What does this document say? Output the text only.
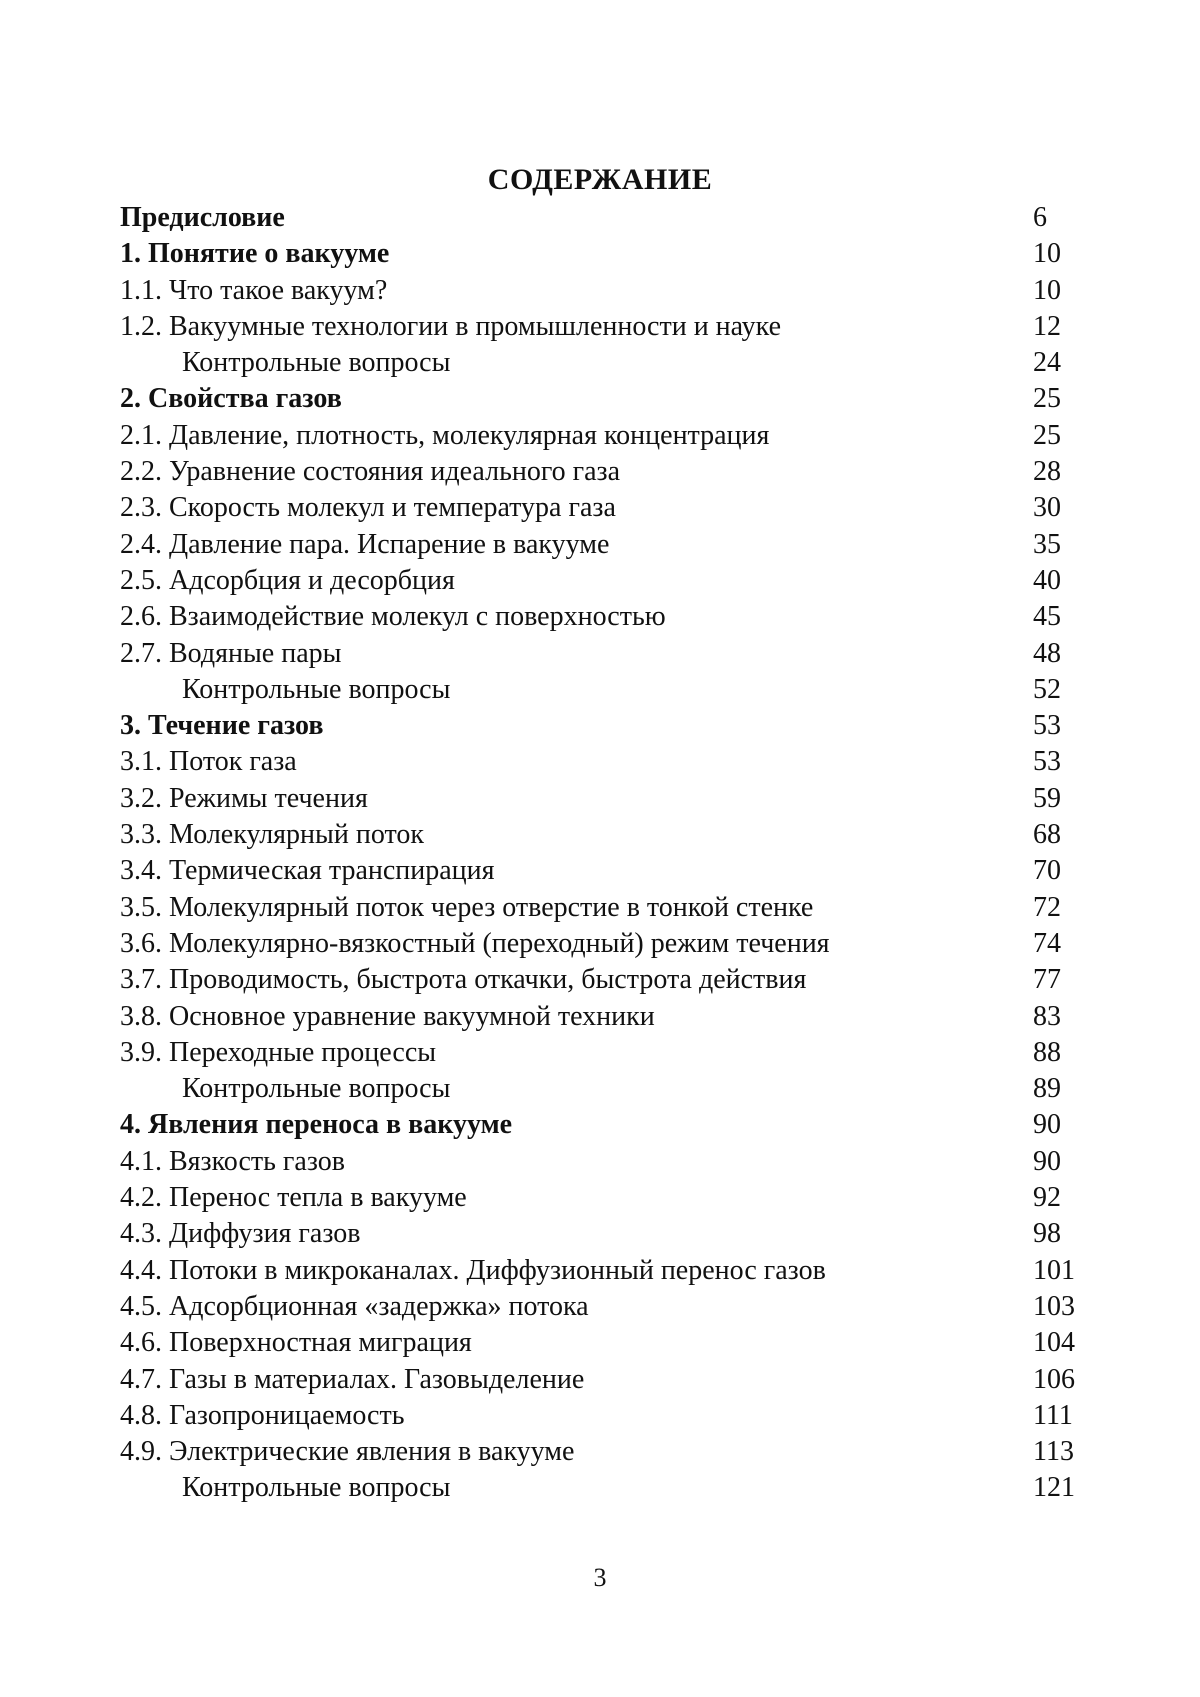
СОДЕРЖАНИЕ
Предисловие	6
1. Понятие о вакууме	10
1.1. Что такое вакуум?	10
1.2. Вакуумные технологии в промышленности и науке	12
Контрольные вопросы	24
2. Свойства газов	25
2.1. Давление, плотность, молекулярная концентрация	25
2.2. Уравнение состояния идеального газа	28
2.3. Скорость молекул и температура газа	30
2.4. Давление пара. Испарение в вакууме	35
2.5. Адсорбция и десорбция	40
2.6. Взаимодействие молекул с поверхностью	45
2.7. Водяные пары	48
Контрольные вопросы	52
3. Течение газов	53
3.1. Поток газа	53
3.2. Режимы течения	59
3.3. Молекулярный поток	68
3.4. Термическая транспирация	70
3.5. Молекулярный поток через отверстие в тонкой стенке	72
3.6. Молекулярно-вязкостный (переходный) режим течения	74
3.7. Проводимость, быстрота откачки, быстрота действия	77
3.8. Основное уравнение вакуумной техники	83
3.9. Переходные процессы	88
Контрольные вопросы	89
4. Явления переноса в вакууме	90
4.1. Вязкость газов	90
4.2. Перенос тепла в вакууме	92
4.3. Диффузия газов	98
4.4. Потоки в микроканалах. Диффузионный перенос газов	101
4.5. Адсорбционная «задержка» потока	103
4.6. Поверхностная миграция	104
4.7. Газы в материалах. Газовыделение	106
4.8. Газопроницаемость	111
4.9. Электрические явления в вакууме	113
Контрольные вопросы	121
3
